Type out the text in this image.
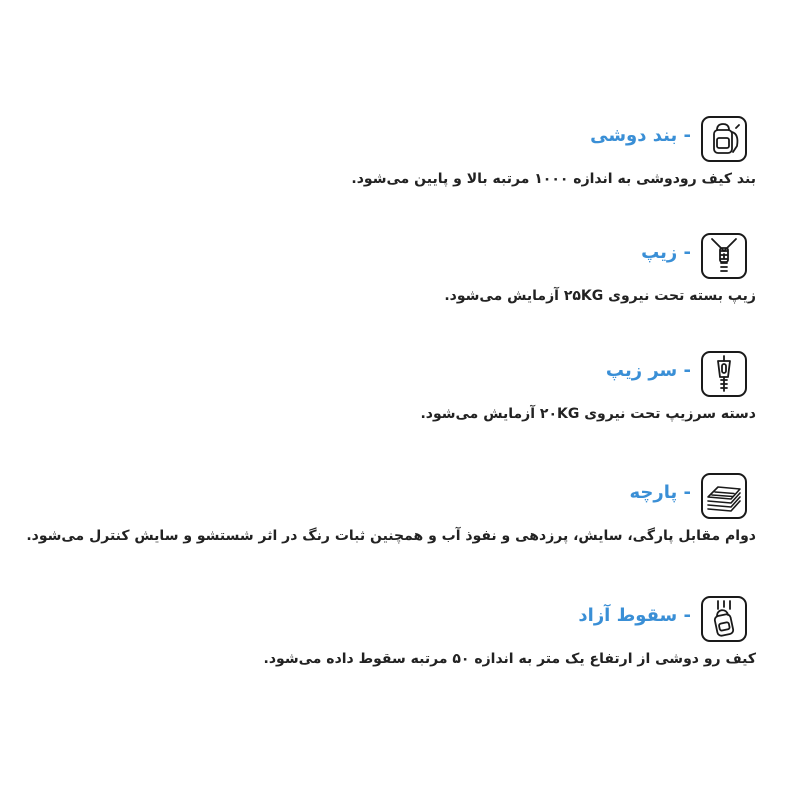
- بند دوشی
بند کیف رودوشی به اندازه ۱۰۰۰ مرتبه بالا و پایین می‌شود.
- زیپ
زیپ بسته تحت نیروی ۲۵KG آزمایش می‌شود.
- سر زیپ
دسته سرزیپ تحت نیروی ۲۰KG آزمایش می‌شود.
- پارچه
دوام مقابل پارگی، سایش، پرزدهی و نفوذ آب و همچنین ثبات رنگ در اثر شستشو و سایش کنترل می‌شود.
- سقوط آزاد
کیف رو دوشی از ارتفاع یک متر به اندازه ۵۰ مرتبه سقوط داده می‌شود.
